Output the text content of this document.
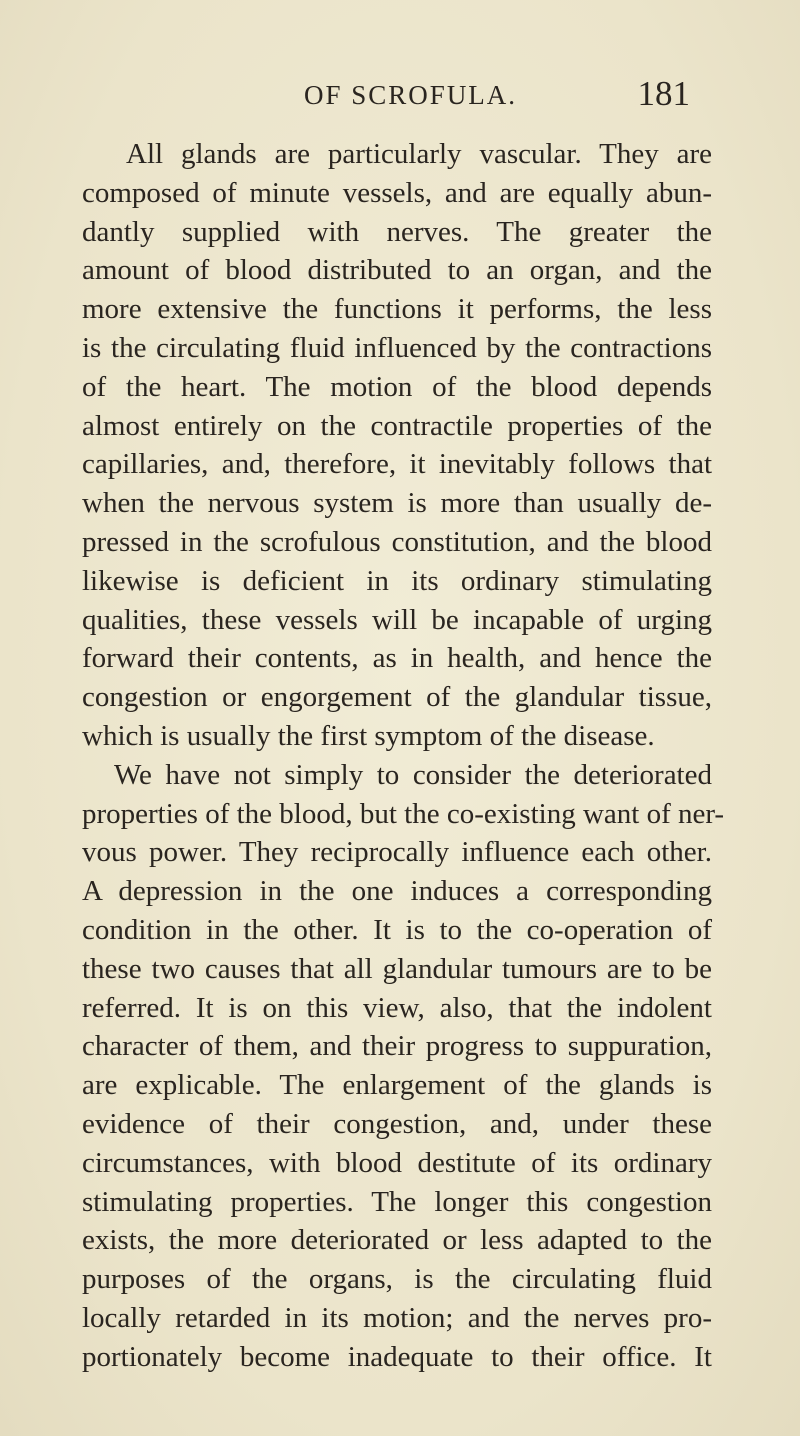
OF SCROFULA.	181
All glands are particularly vascular. They are
composed of minute vessels, and are equally abun-
dantly supplied with nerves. The greater the
amount of blood distributed to an organ, and the
more extensive the functions it performs, the less
is the circulating fluid influenced by the contractions
of the heart. The motion of the blood depends
almost entirely on the contractile properties of the
capillaries, and, therefore, it inevitably follows that
when the nervous system is more than usually de-
pressed in the scrofulous constitution, and the blood
likewise is deficient in its ordinary stimulating
qualities, these vessels will be incapable of urging
forward their contents, as in health, and hence the
congestion or engorgement of the glandular tissue,
which is usually the first symptom of the disease.
We have not simply to consider the deteriorated
properties of the blood, but the co-existing want of ner-
vous power. They reciprocally influence each other.
A depression in the one induces a corresponding
condition in the other. It is to the co-operation of
these two causes that all glandular tumours are to be
referred. It is on this view, also, that the indolent
character of them, and their progress to suppuration,
are explicable. The enlargement of the glands is
evidence of their congestion, and, under these
circumstances, with blood destitute of its ordinary
stimulating properties. The longer this congestion
exists, the more deteriorated or less adapted to the
purposes of the organs, is the circulating fluid
locally retarded in its motion; and the nerves pro-
portionately become inadequate to their office. It
